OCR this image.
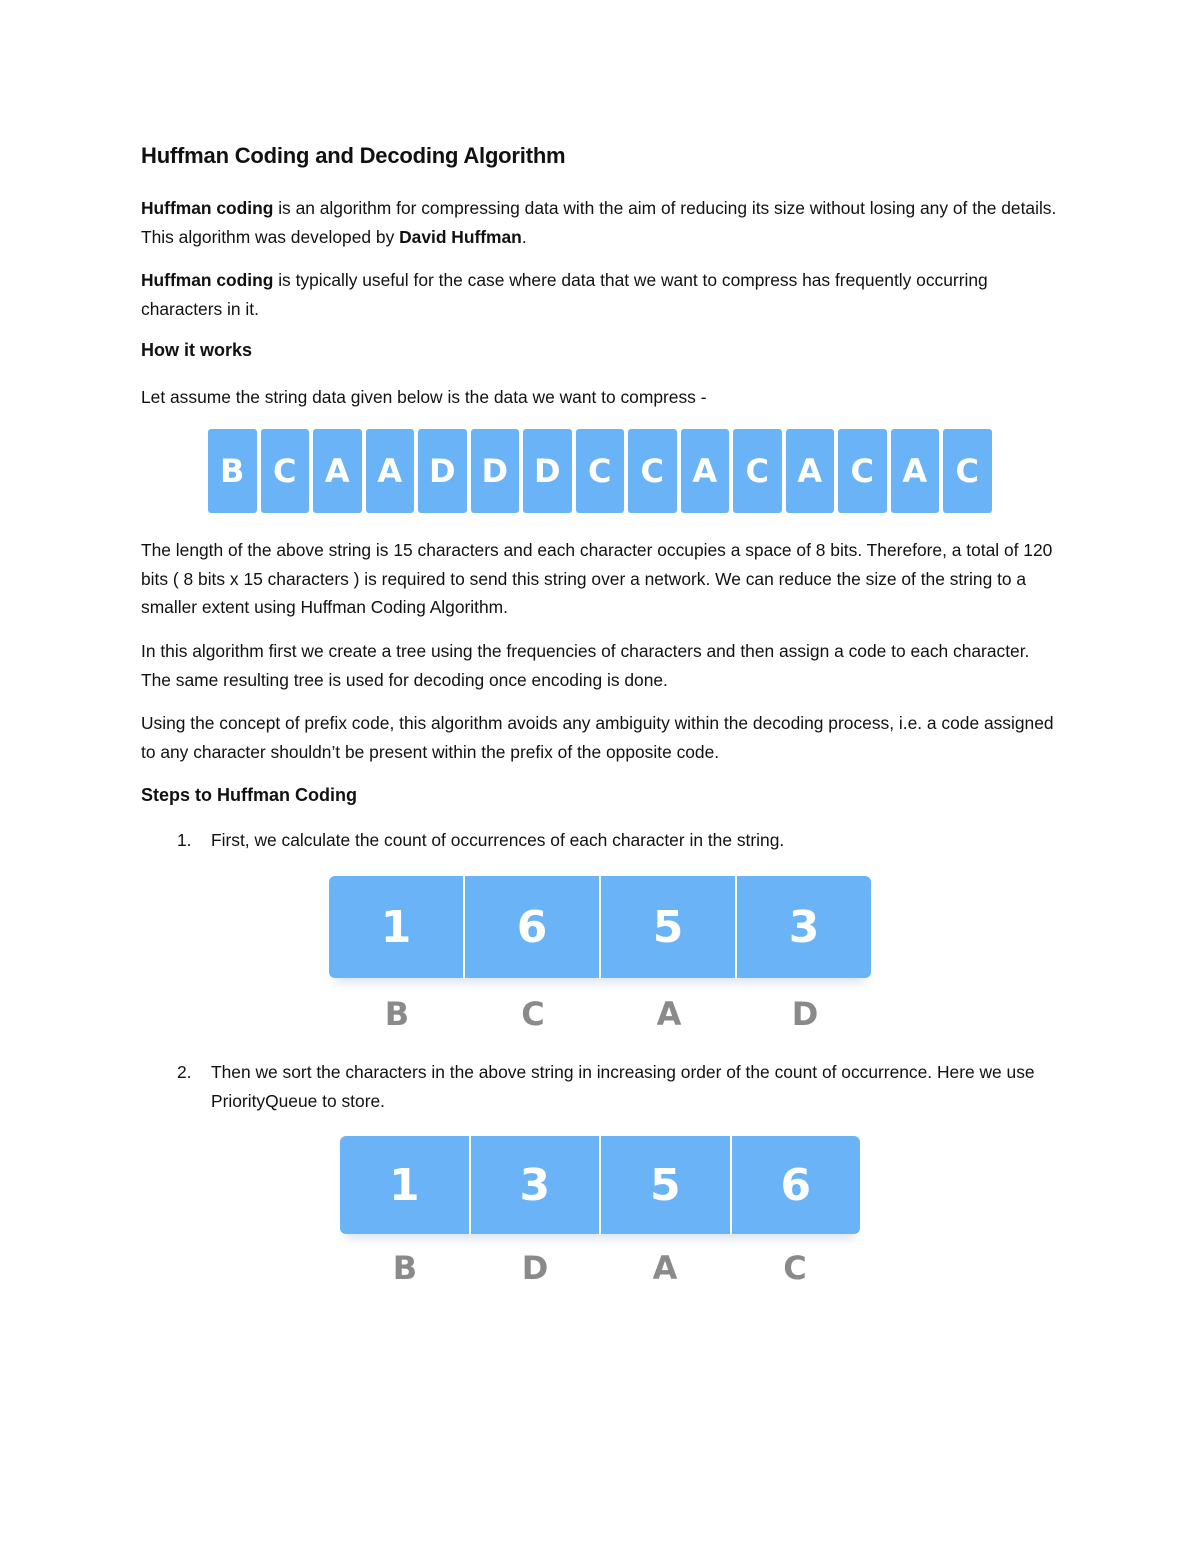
Huffman Coding and Decoding Algorithm

Huffman coding is an algorithm for compressing data with the aim of reducing its size without losing any of the details. This algorithm was developed by David Huffman.

Huffman coding is typically useful for the case where data that we want to compress has frequently occurring characters in it.

How it works

Let assume the string data given below is the data we want to compress -

The length of the above string is 15 characters and each character occupies a space of 8 bits. Therefore, a total of 120 bits ( 8 bits x 15 characters ) is required to send this string over a network. We can reduce the size of the string to a smaller extent using Huffman Coding Algorithm.

In this algorithm first we create a tree using the frequencies of characters and then assign a code to each character. The same resulting tree is used for decoding once encoding is done.

Using the concept of prefix code, this algorithm avoids any ambiguity within the decoding process, i.e. a code assigned to any character shouldn’t be present within the prefix of the opposite code.

Steps to Huffman Coding
1. First, we calculate the count of occurrences of each character in the string.
2. Then we sort the characters in the above string in increasing order of the count of occurrence. Here we use PriorityQueue to store.
B C A A D D D C C A C A C A C
1	6	5	3
B	C	A	D
1	3	5	6
B	D	A	C
